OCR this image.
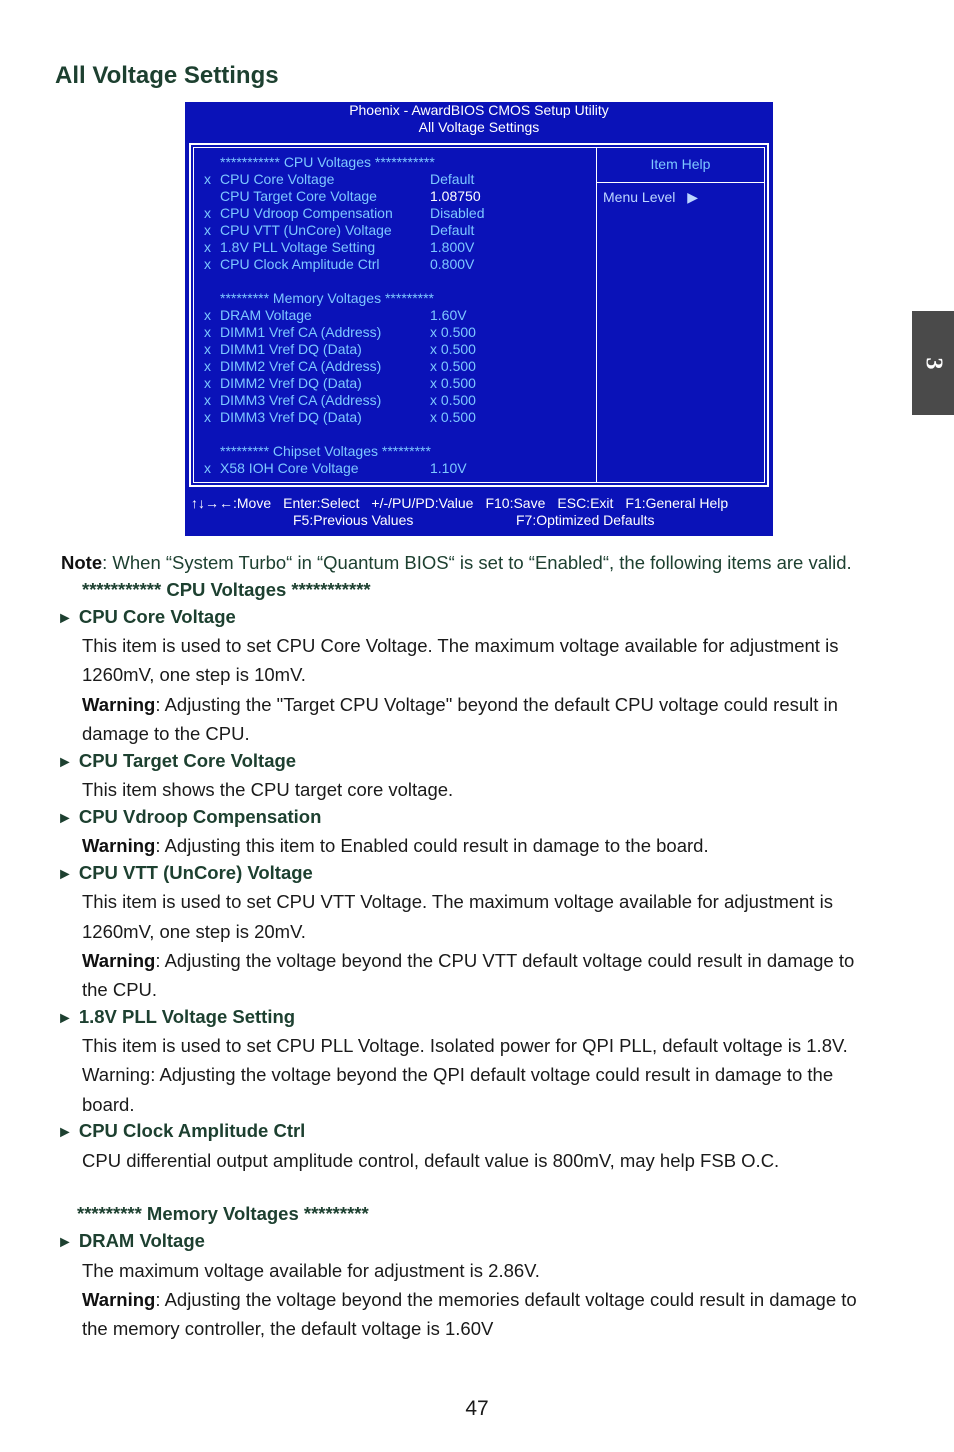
All Voltage Settings
3
Phoenix - AwardBIOS CMOS Setup Utility
All Voltage Settings
*********** CPU Voltages ***********
x CPU Core Voltage	Default
CPU Target Core Voltage	1.08750
x CPU Vdroop Compensation	Disabled
x CPU VTT (UnCore) Voltage	Default
x 1.8V PLL Voltage Setting	1.800V
x CPU Clock Amplitude Ctrl	0.800V
********* Memory Voltages *********
x DRAM Voltage	1.60V
x DIMM1 Vref CA (Address)	x 0.500
x DIMM1 Vref DQ (Data)	x 0.500
x DIMM2 Vref CA (Address)	x 0.500
x DIMM2 Vref DQ (Data)	x 0.500
x DIMM3 Vref CA (Address)	x 0.500
x DIMM3 Vref DQ (Data)	x 0.500
********* Chipset Voltages *********
x X58 IOH Core Voltage	1.10V
Item Help
Menu Level ▶
↑↓→←:Move Enter:Select +/-/PU/PD:Value F10:Save ESC:Exit F1:General Help
F5:Previous Values	F7:Optimized Defaults
Note: When “System Turbo“ in “Quantum BIOS“ is set to “Enabled“, the following items are valid.
*********** CPU Voltages ***********
► CPU Core Voltage
This item is used to set CPU Core Voltage. The maximum voltage available for adjustment is
1260mV, one step is 10mV.
Warning: Adjusting the "Target CPU Voltage" beyond the default CPU voltage could result in
damage to the CPU.
► CPU Target Core Voltage
This item shows the CPU target core voltage.
► CPU Vdroop Compensation
Warning: Adjusting this item to Enabled could result in damage to the board.
► CPU VTT (UnCore) Voltage
This item is used to set CPU VTT Voltage. The maximum voltage available for adjustment is
1260mV, one step is 20mV.
Warning: Adjusting the voltage beyond the CPU VTT default voltage could result in damage to
the CPU.
► 1.8V PLL Voltage Setting
This item is used to set CPU PLL Voltage. Isolated power for QPI PLL, default voltage is 1.8V.
Warning: Adjusting the voltage beyond the QPI default voltage could result in damage to the
board.
► CPU Clock Amplitude Ctrl
CPU differential output amplitude control, default value is 800mV, may help FSB O.C.
********* Memory Voltages *********
► DRAM Voltage
The maximum voltage available for adjustment is 2.86V.
Warning: Adjusting the voltage beyond the memories default voltage could result in damage to
the memory controller, the default voltage is 1.60V
47
